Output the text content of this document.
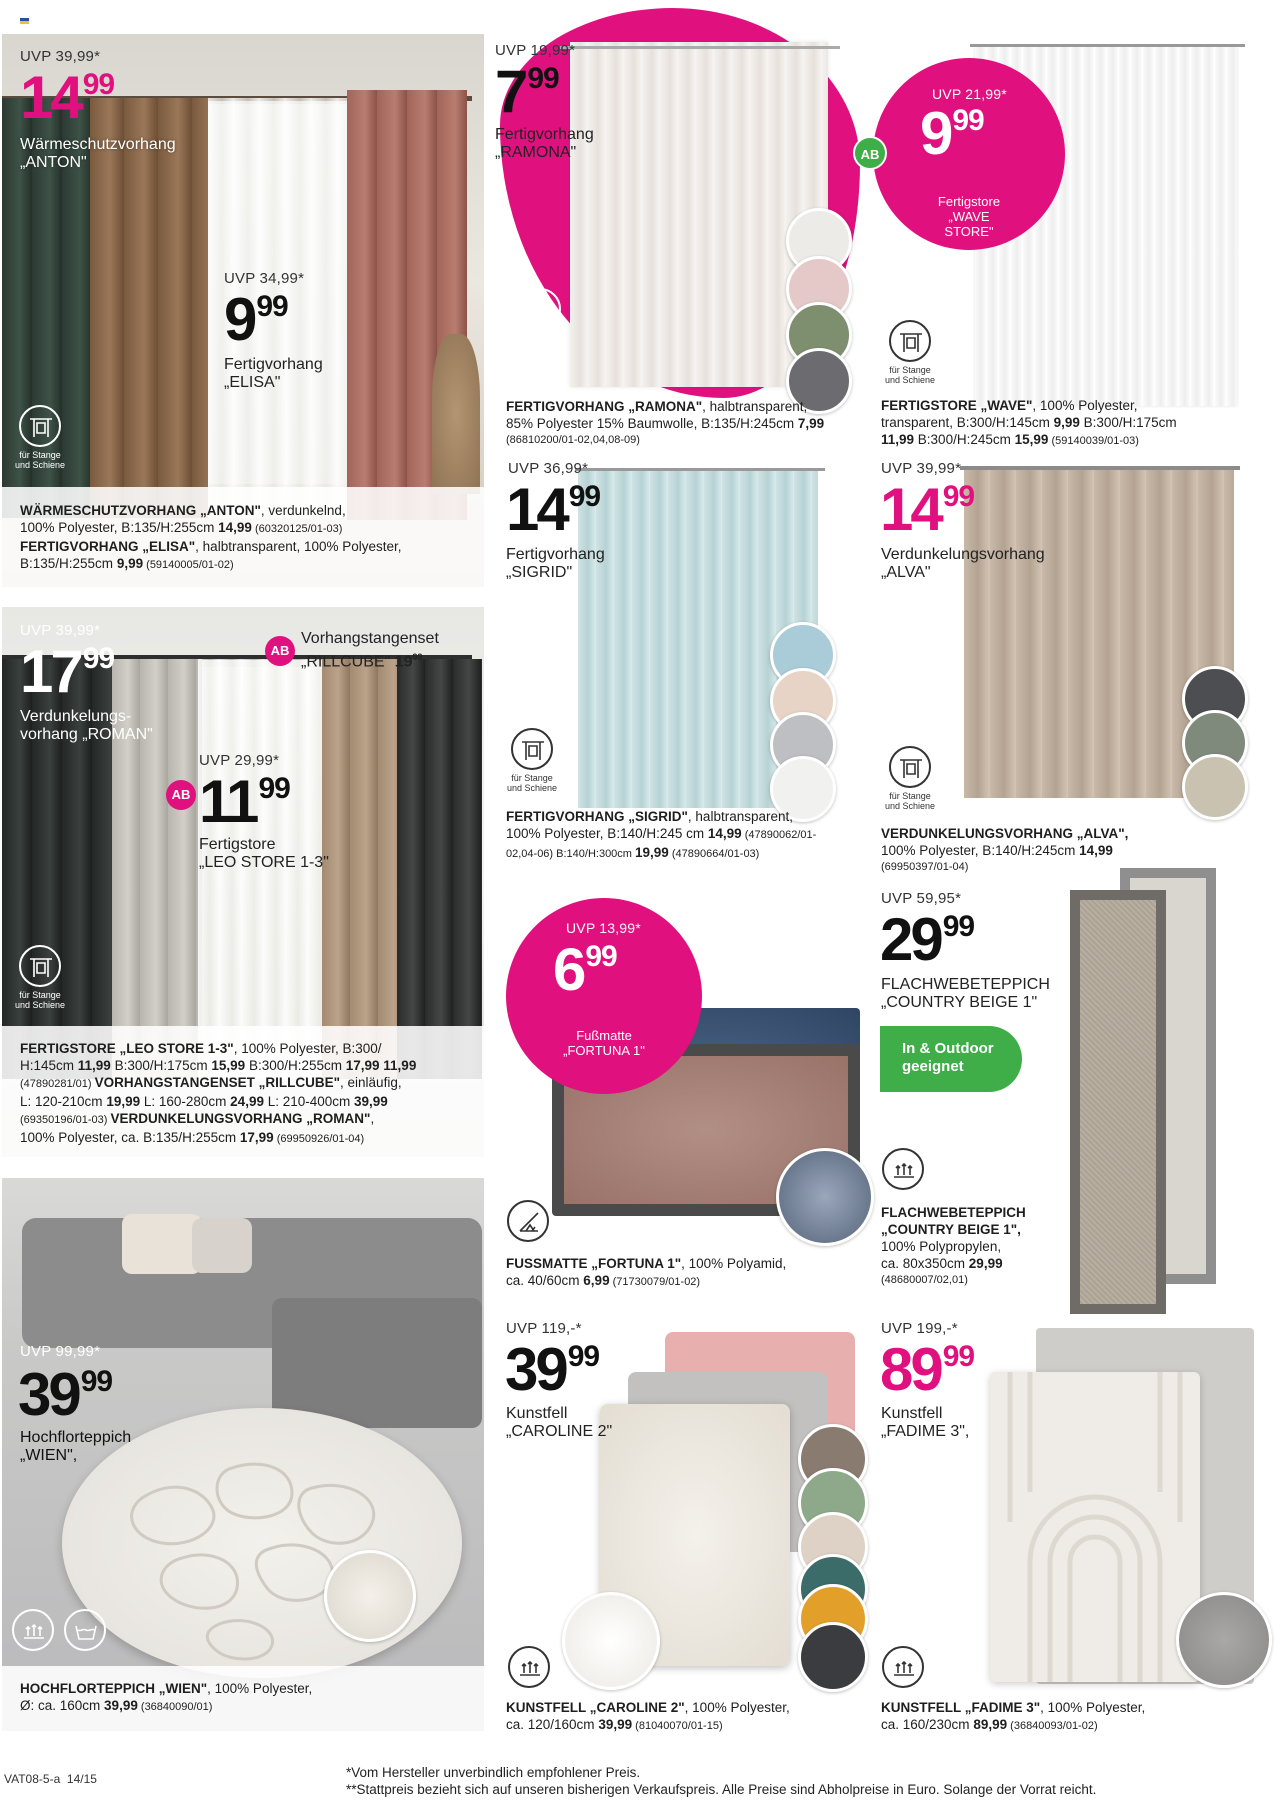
UVP 39,99*
1499
Wärmeschutzvorhang
„ANTON"
UVP 34,99*
999
Fertigvorhang
„ELISA"
für Stange
und Schiene
WÄRMESCHUTZVORHANG „ANTON", verdunkelnd,
100% Polyester, B:135/H:255cm 14,99 (60320125/01-03)
FERTIGVORHANG „ELISA", halbtransparent, 100% Polyester,
B:135/H:255cm 9,99 (59140005/01-02)
UVP 39,99*
1799
Verdunkelungs-
vorhang „ROMAN"
AB
Vorhangstangenset
„RILLCUBE" $19^{99}$
UVP 29,99*
AB 1199
Fertigstore
„LEO STORE 1-3"
für Stange
und Schiene
FERTIGSTORE „LEO STORE 1-3", 100% Polyester, B:300/
H:145cm 11,99 B:300/H:175cm 15,99 B:300/H:255cm 17,99 11,99
(47890281/01) VORHANGSTANGENSET „RILLCUBE", einläufig,
L: 120-210cm 19,99 L: 160-280cm 24,99 L: 210-400cm 39,99
(69350196/01-03) VERDUNKELUNGSVORHANG „ROMAN",
100% Polyester, ca. B:135/H:255cm 17,99 (69950926/01-04)
UVP 99,99*
3999
Hochflorteppich
„WIEN",
HOCHFLORTEPPICH „WIEN", 100% Polyester,
Ø: ca. 160cm 39,99 (36840090/01)
UVP 19,99*
799
Fertigvorhang
„RAMONA"
für Stange
und Schiene
FERTIGVORHANG „RAMONA", halbtransparent,
85% Polyester 15% Baumwolle, B:135/H:245cm 7,99
(86810200/01-02,04,08-09)
AB
UVP 21,99*
999
Fertigstore
„WAVE STORE"
für Stange
und Schiene
FERTIGSTORE „WAVE", 100% Polyester,
transparent, B:300/H:145cm 9,99 B:300/H:175cm
11,99 B:300/H:245cm 15,99 (59140039/01-03)
UVP 36,99*
1499
Fertigvorhang
„SIGRID"
für Stange
und Schiene
FERTIGVORHANG „SIGRID", halbtransparent,
100% Polyester, B:140/H:245 cm 14,99 (47890062/01-
02,04-06) B:140/H:300cm 19,99 (47890664/01-03)
UVP 39,99*
1499
Verdunkelungsvorhang
„ALVA"
für Stange
und Schiene
VERDUNKELUNGSVORHANG „ALVA",
100% Polyester, B:140/H:245cm 14,99
(69950397/01-04)
UVP 13,99*
699
Fußmatte
„FORTUNA 1"
FUSSMATTE „FORTUNA 1", 100% Polyamid,
ca. 40/60cm 6,99 (71730079/01-02)
UVP 59,95*
2999
FLACHWEBETEPPICH
„COUNTRY BEIGE 1"
In & Outdoor
geeignet
FLACHWEBETEPPICH
„COUNTRY BEIGE 1",
100% Polypropylen,
ca. 80x350cm 29,99
(48680007/02,01)
UVP 119,-*
3999
Kunstfell
„CAROLINE 2"
KUNSTFELL „CAROLINE 2", 100% Polyester,
ca. 120/160cm 39,99 (81040070/01-15)
UVP 199,-*
8999
Kunstfell
„FADIME 3",
KUNSTFELL „FADIME 3", 100% Polyester,
ca. 160/230cm 89,99 (36840093/01-02)
VAT08-5-a 14/15	*Vom Hersteller unverbindlich empfohlener Preis.
**Stattpreis bezieht sich auf unseren bisherigen Verkaufspreis. Alle Preise sind Abholpreise in Euro. Solange der Vorrat reicht.
